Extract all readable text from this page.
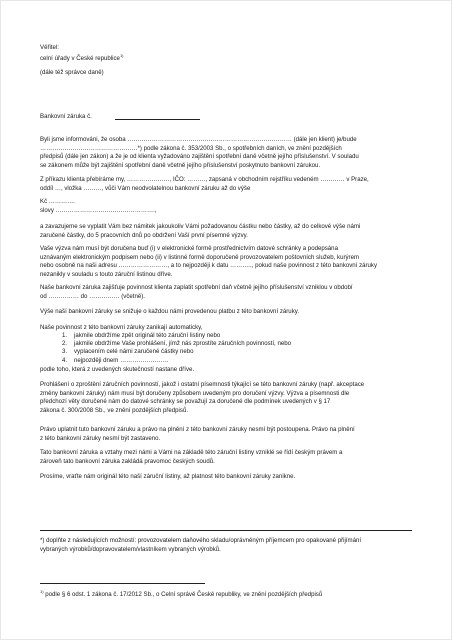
Věřitel:
celní úřady v České republice$^{1)}$
(dále též správce daně)
Bankovní záruka č.
Byli jsme informováni, že osoba ……………………………………………………………………… (dále jen klient) je/bude
…………………………………………*) podle zákona č. 353/2003 Sb., o spotřebních daních, ve znění pozdějších
předpisů (dále jen zákon) a že je od klienta vyžadováno zajištění spotřební daně včetně jejího příslušenství. V souladu
se zákonem může být zajištění spotřební daně včetně jejího příslušenství poskytnuto bankovní zárukou.
Z příkazu klienta přebíráme my, …………………, IČO: ………, zapsaná v obchodním rejstříku vedeném ………… v Praze,
oddíl …, vložka ………, vůči Vám neodvolatelnou bankovní záruku až do výše
Kč ………….
slovy ………………………………………….,
a zavazujeme se vyplatit Vám bez námitek jakoukoliv Vámi požadovanou částku nebo částky, až do celkové výše námi
zaručené částky, do 5 pracovních dnů po obdržení Vaší první písemné výzvy.
Vaše výzva nám musí být doručena buď (i) v elektronické formě prostřednictvím datové schránky a podepsána
uznávaným elektronickým podpisem nebo (ii) v listinné formě doporučeně provozovatelem poštovních služeb, kurýrem
nebo osobně na naši adresu ……………………, a to nejpozději k datu ……….., pokud naše povinnost z této bankovní záruky
nezanikly v souladu s touto záruční listinou dříve.
Naše bankovní záruka zajišťuje povinnost klienta zaplatit spotřební daň včetně jejího příslušenství vzniklou v období
od …………… do …………… (včetně).
Výše naší bankovní záruky se snižuje o každou námi provedenou platbu z této bankovní záruky.
Naše povinnost z této bankovní záruky zanikají automaticky,
1. jakmile obdržíme zpět originál této záruční listiny nebo
2. jakmile obdržíme Vaše prohlášení, jímž nás zprostíte záručních povinností, nebo
3. vyplacením celé námi zaručené částky nebo
4. nejpozději dnem ……………………
podle toho, která z uvedených skutečností nastane dříve.
Prohlášení o zproštění záručních povinností, jakož i ostatní písemnosti týkající se této bankovní záruky (např. akceptace
změny bankovní záruky) nám musí být doručeny způsobem uvedeným pro doručení výzvy. Výzva a písemnosti dle
předchozí věty doručené nám do datové schránky se považují za doručené dle podmínek uvedených v § 17
zákona č. 300/2008 Sb., ve znění pozdějších předpisů.
Právo uplatnit tuto bankovní záruku a právo na plnění z této bankovní záruky nesmí být postoupena. Právo na plnění
z této bankovní záruky nesmí být zastaveno.
Tato bankovní záruka a vztahy mezi námi a Vámi na základě této záruční listiny vzniklé se řídí českým právem a
zároveň tato bankovní záruka zakládá pravomoc českých soudů.
Prosíme, vraťte nám originál této naší záruční listiny, až platnost této bankovní záruky zanikne.
*) doplňte z následujících možností: provozovatelem daňového skladu/oprávněným příjemcem pro opakované přijímání
vybraných výrobků/dopravovatelem/vlastníkem vybraných výrobků.
$^{1)}$ podle § 6 odst. 1 zákona č. 17/2012 Sb., o Celní správě České republiky, ve znění pozdějších předpisů
